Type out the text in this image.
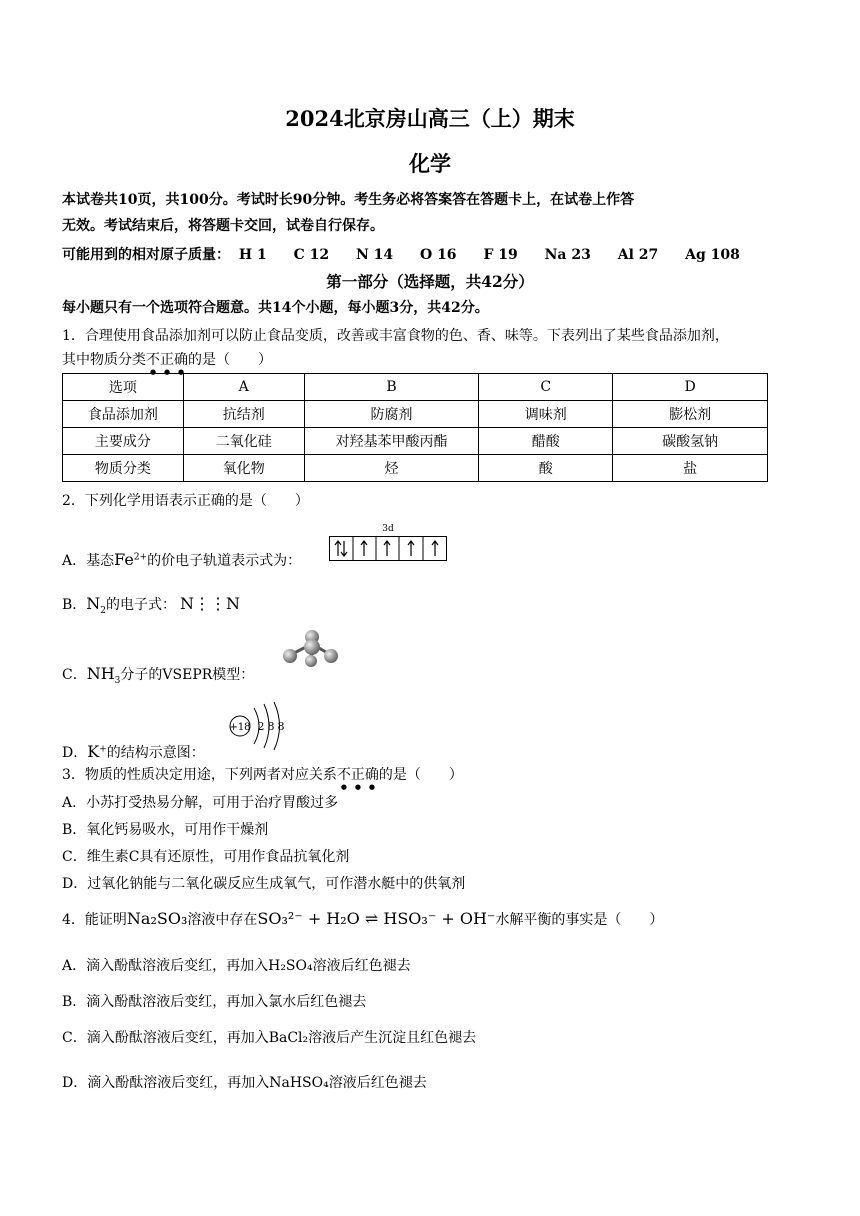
2024北京房山高三（上）期末
化学
本试卷共10页，共100分。考试时长90分钟。考生务必将答案答在答题卡上，在试卷上作答
无效。考试结束后，将答题卡交回，试卷自行保存。
可能用到的相对原子质量： H 1 C 12 N 14 O 16 F 19 Na 23 Al 27 Ag 108
第一部分（选择题，共42分）
每小题只有一个选项符合题意。共14个小题，每小题3分，共42分。
1．合理使用食品添加剂可以防止食品变质，改善或丰富食物的色、香、味等。下表列出了某些食品添加剂，
其中物质分类不正确的是（　　）
选项	A	B	C	D
食品添加剂	抗结剂	防腐剂	调味剂	膨松剂
主要成分	二氧化硅	对羟基苯甲酸丙酯	醋酸	碳酸氢钠
物质分类	氧化物	烃	酸	盐
2．下列化学用语表示正确的是（　　）
A．基态$Fe^{2+}$的价电子轨道表示式为：
3d
B．$N_2$的电子式： N⋮⋮N
C．$NH_3$分子的VSEPR模型：
D．K+的结构示意图：
+18 2 8 8
3．物质的性质决定用途，下列两者对应关系不正确的是（　　）
A．小苏打受热易分解，可用于治疗胃酸过多
B．氧化钙易吸水，可用作干燥剂
C．维生素C具有还原性，可用作食品抗氧化剂
D．过氧化钠能与二氧化碳反应生成氧气，可作潜水艇中的供氧剂
4．能证明Na₂SO₃溶液中存在SO₃²⁻ + H₂O ⇌ HSO₃⁻ + OH⁻水解平衡的事实是（　　）
A．滴入酚酞溶液后变红，再加入H₂SO₄溶液后红色褪去
B．滴入酚酞溶液后变红，再加入氯水后红色褪去
C．滴入酚酞溶液后变红，再加入BaCl₂溶液后产生沉淀且红色褪去
D．滴入酚酞溶液后变红，再加入NaHSO₄溶液后红色褪去
